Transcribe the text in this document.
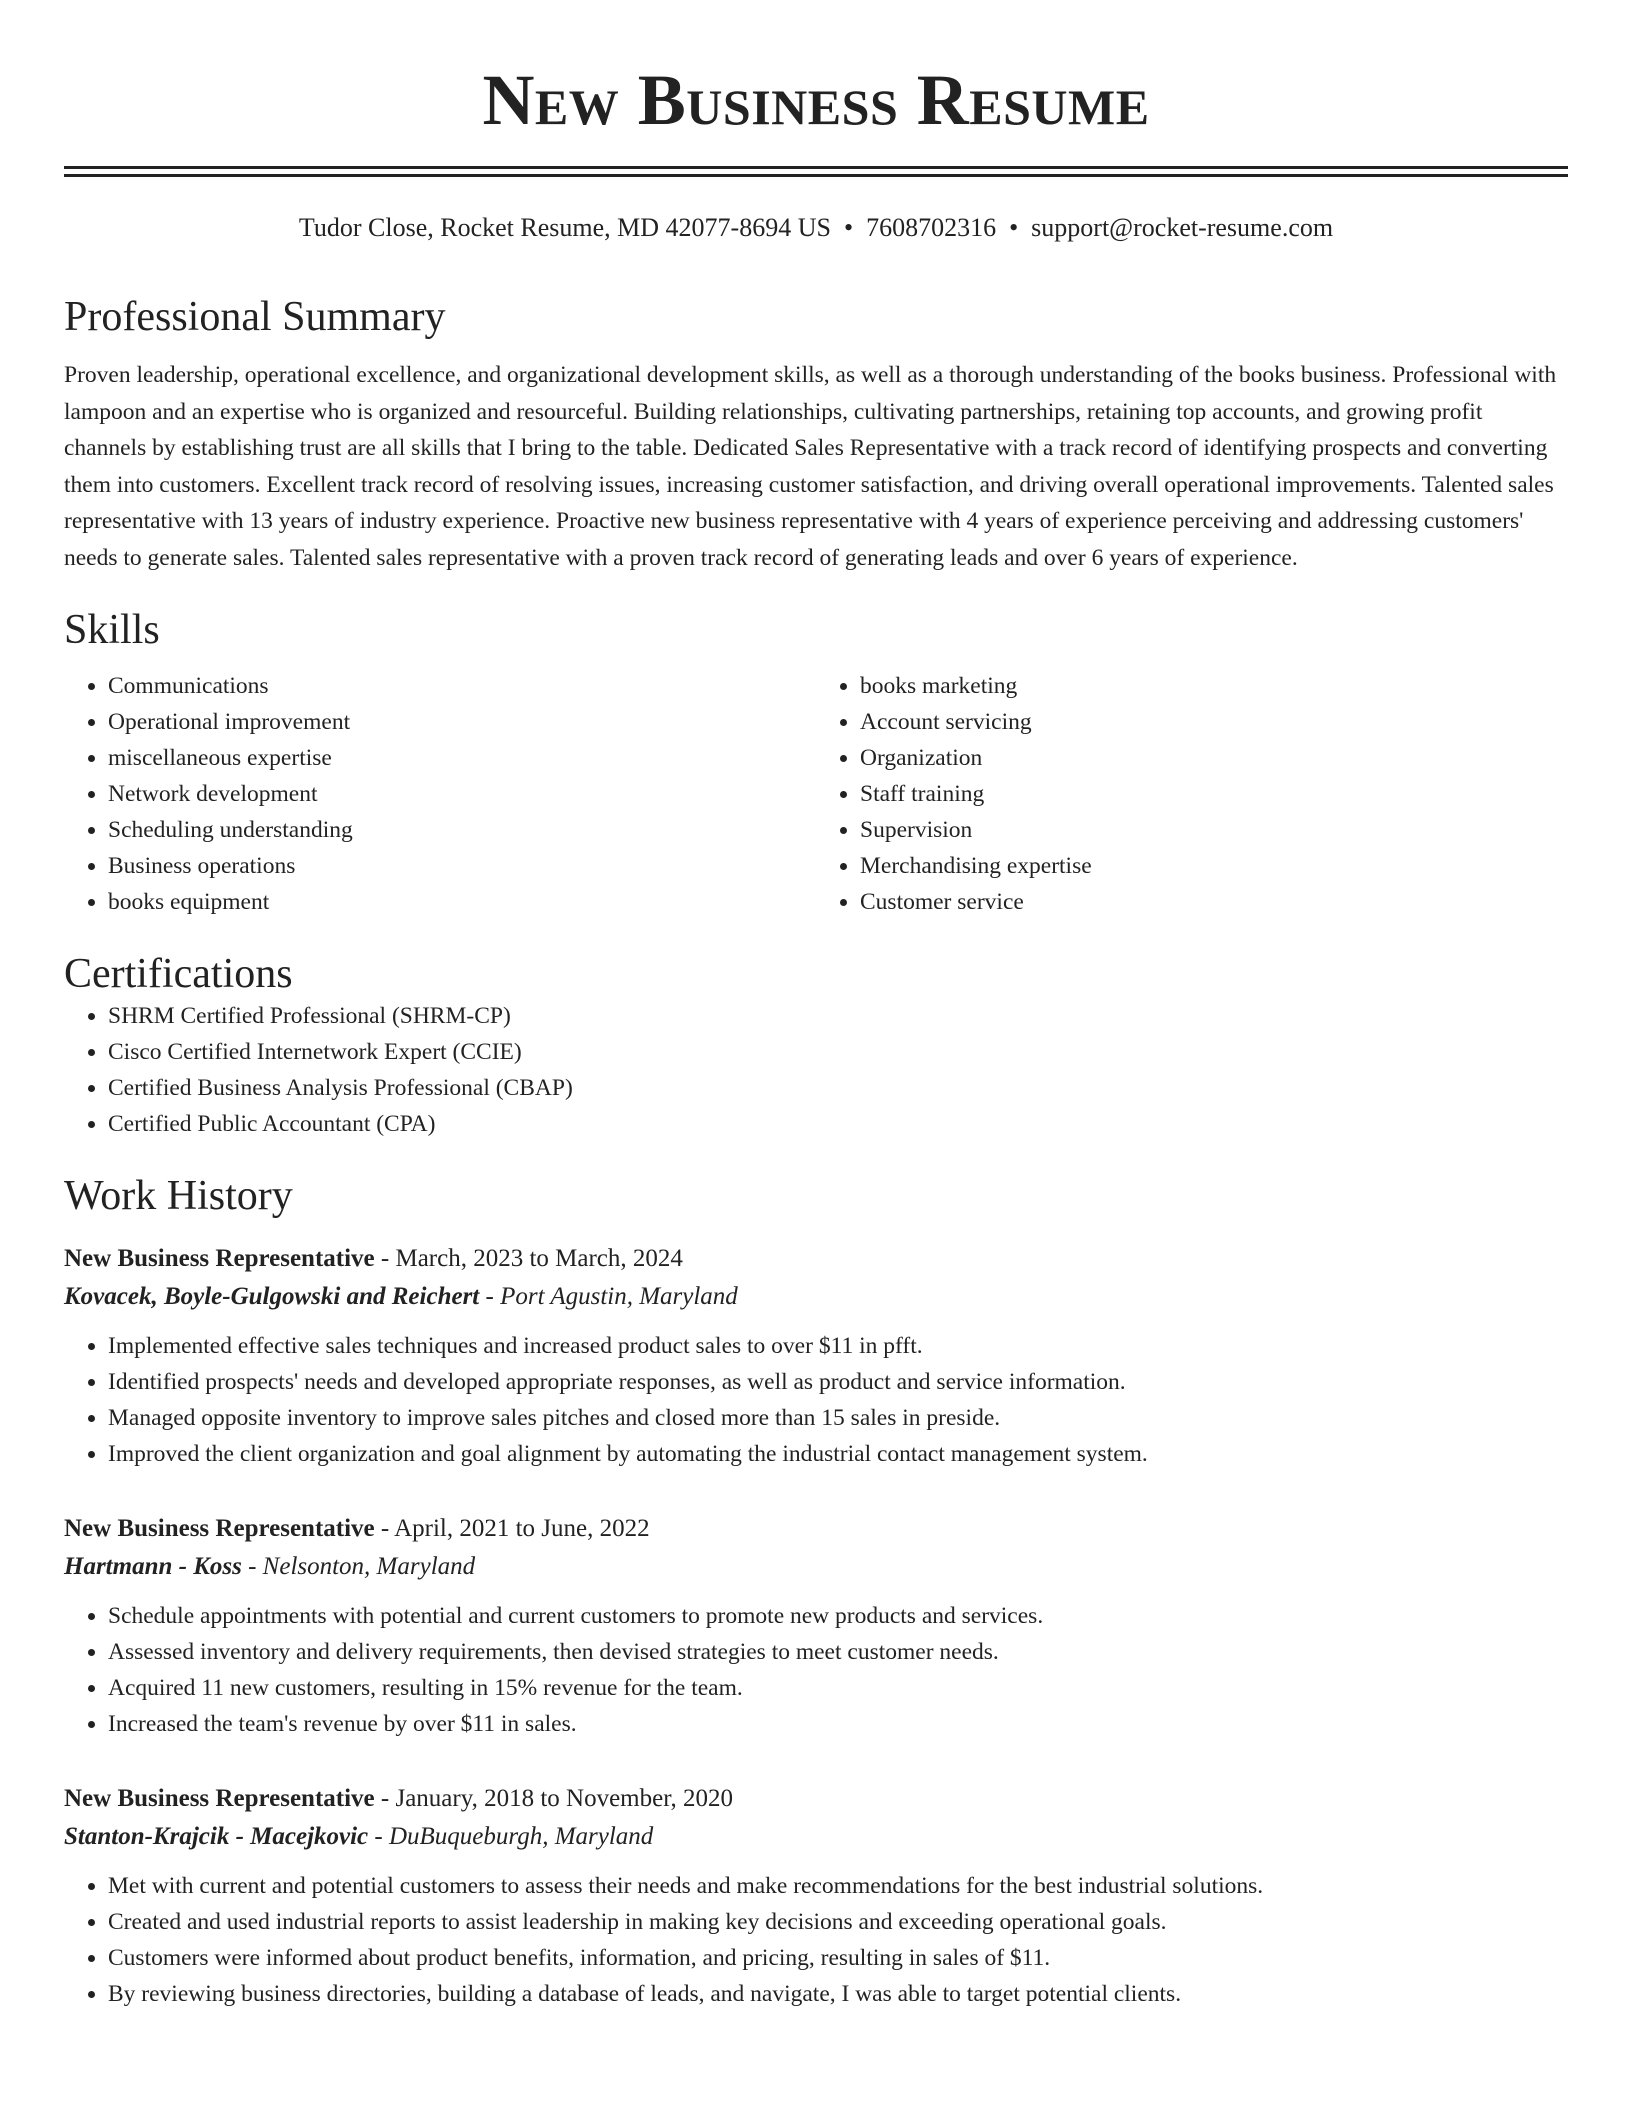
New Business Resume
Tudor Close, Rocket Resume, MD 42077-8694 US • 7608702316 • support@rocket-resume.com
Professional Summary

Proven leadership, operational excellence, and organizational development skills, as well as a thorough understanding of the books business. Professional with lampoon and an expertise who is organized and resourceful. Building relationships, cultivating partnerships, retaining top accounts, and growing profit channels by establishing trust are all skills that I bring to the table. Dedicated Sales Representative with a track record of identifying prospects and converting them into customers. Excellent track record of resolving issues, increasing customer satisfaction, and driving overall operational improvements. Talented sales representative with 13 years of industry experience. Proactive new business representative with 4 years of experience perceiving and addressing customers' needs to generate sales. Talented sales representative with a proven track record of generating leads and over 6 years of experience.

Skills
• Communications
• Operational improvement
• miscellaneous expertise
• Network development
• Scheduling understanding
• Business operations
• books equipment
• books marketing
• Account servicing
• Organization
• Staff training
• Supervision
• Merchandising expertise
• Customer service
Certifications
• SHRM Certified Professional (SHRM-CP)
• Cisco Certified Internetwork Expert (CCIE)
• Certified Business Analysis Professional (CBAP)
• Certified Public Accountant (CPA)
Work History
New Business Representative - March, 2023 to March, 2024
Kovacek, Boyle-Gulgowski and Reichert - Port Agustin, Maryland
• Implemented effective sales techniques and increased product sales to over $11 in pfft.
• Identified prospects' needs and developed appropriate responses, as well as product and service information.
• Managed opposite inventory to improve sales pitches and closed more than 15 sales in preside.
• Improved the client organization and goal alignment by automating the industrial contact management system.
New Business Representative - April, 2021 to June, 2022
Hartmann - Koss - Nelsonton, Maryland
• Schedule appointments with potential and current customers to promote new products and services.
• Assessed inventory and delivery requirements, then devised strategies to meet customer needs.
• Acquired 11 new customers, resulting in 15% revenue for the team.
• Increased the team's revenue by over $11 in sales.
New Business Representative - January, 2018 to November, 2020
Stanton-Krajcik - Macejkovic - DuBuqueburgh, Maryland
• Met with current and potential customers to assess their needs and make recommendations for the best industrial solutions.
• Created and used industrial reports to assist leadership in making key decisions and exceeding operational goals.
• Customers were informed about product benefits, information, and pricing, resulting in sales of $11.
• By reviewing business directories, building a database of leads, and navigate, I was able to target potential clients.
